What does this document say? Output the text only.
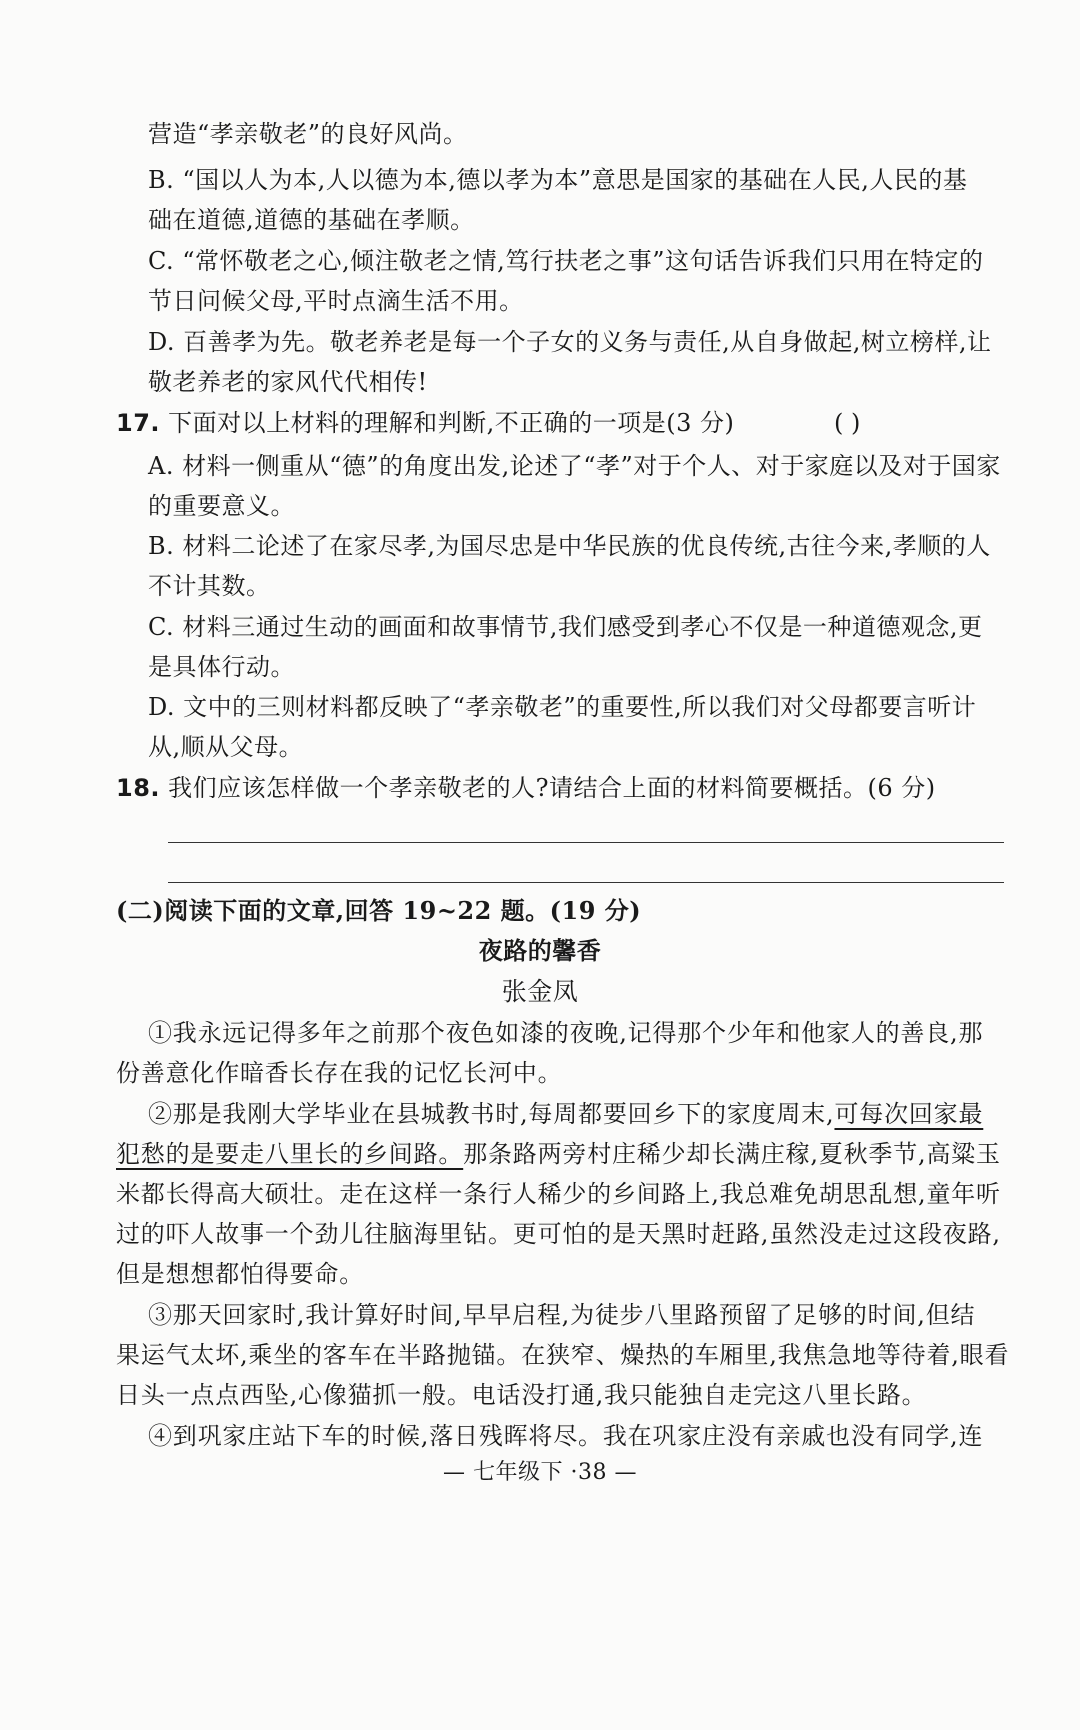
营造“孝亲敬老”的良好风尚。
B. “国以人为本,人以德为本,德以孝为本”意思是国家的基础在人民,人民的基
础在道德,道德的基础在孝顺。
C. “常怀敬老之心,倾注敬老之情,笃行扶老之事”这句话告诉我们只用在特定的
节日问候父母,平时点滴生活不用。
D. 百善孝为先。敬老养老是每一个子女的义务与责任,从自身做起,树立榜样,让
敬老养老的家风代代相传!
17. 下面对以上材料的理解和判断,不正确的一项是(3 分)	( )
A. 材料一侧重从“德”的角度出发,论述了“孝”对于个人、对于家庭以及对于国家
的重要意义。
B. 材料二论述了在家尽孝,为国尽忠是中华民族的优良传统,古往今来,孝顺的人
不计其数。
C. 材料三通过生动的画面和故事情节,我们感受到孝心不仅是一种道德观念,更
是具体行动。
D. 文中的三则材料都反映了“孝亲敬老”的重要性,所以我们对父母都要言听计
从,顺从父母。
18. 我们应该怎样做一个孝亲敬老的人?请结合上面的材料简要概括。(6 分)
(二)阅读下面的文章,回答 19~22 题。(19 分)
夜路的馨香
张金凤
①我永远记得多年之前那个夜色如漆的夜晚,记得那个少年和他家人的善良,那
份善意化作暗香长存在我的记忆长河中。
②那是我刚大学毕业在县城教书时,每周都要回乡下的家度周末,可每次回家最
犯愁的是要走八里长的乡间路。那条路两旁村庄稀少却长满庄稼,夏秋季节,高粱玉
米都长得高大硕壮。走在这样一条行人稀少的乡间路上,我总难免胡思乱想,童年听
过的吓人故事一个劲儿往脑海里钻。更可怕的是天黑时赶路,虽然没走过这段夜路,
但是想想都怕得要命。
③那天回家时,我计算好时间,早早启程,为徒步八里路预留了足够的时间,但结
果运气太坏,乘坐的客车在半路抛锚。在狭窄、燥热的车厢里,我焦急地等待着,眼看
日头一点点西坠,心像猫抓一般。电话没打通,我只能独自走完这八里长路。
④到巩家庄站下车的时候,落日残晖将尽。我在巩家庄没有亲戚也没有同学,连
— 七年级下 ·38 —
